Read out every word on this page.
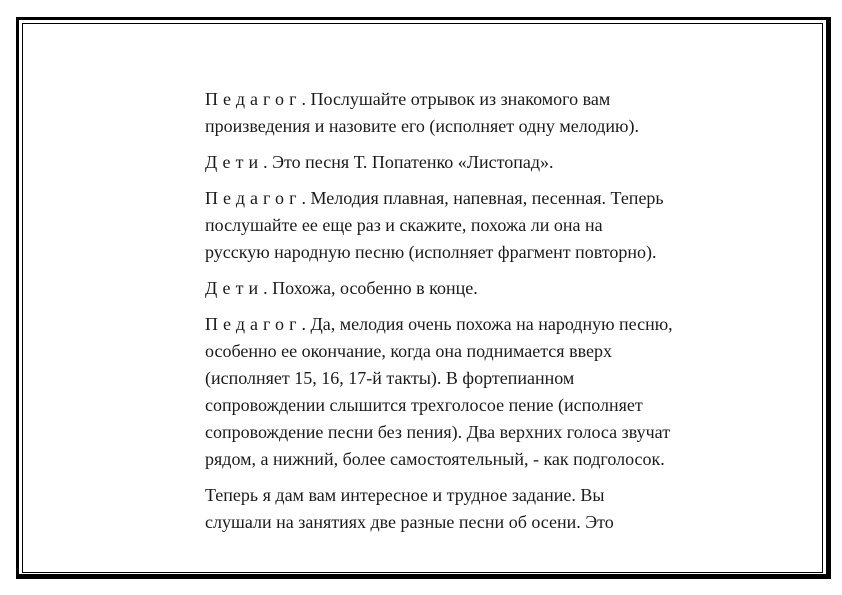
Педагог. Послушайте отрывок из знакомого вам
произведения и назовите его (исполняет одну мелодию).
Дети. Это песня Т. Попатенко «Листопад».
Педагог. Мелодия плавная, напевная, песенная. Теперь
послушайте ее еще раз и скажите, похожа ли она на
русскую народную песню (исполняет фрагмент повторно).
Дети. Похожа, особенно в конце.
Педагог. Да, мелодия очень похожа на народную песню,
особенно ее окончание, когда она поднимается вверх
(исполняет 15, 16, 17-й такты). В фортепианном
сопровождении слышится трехголосое пение (исполняет
сопровождение песни без пения). Два верхних голоса звучат
рядом, а нижний, более самостоятельный, - как подголосок.
Теперь я дам вам интересное и трудное задание. Вы
слушали на занятиях две разные песни об осени. Это
